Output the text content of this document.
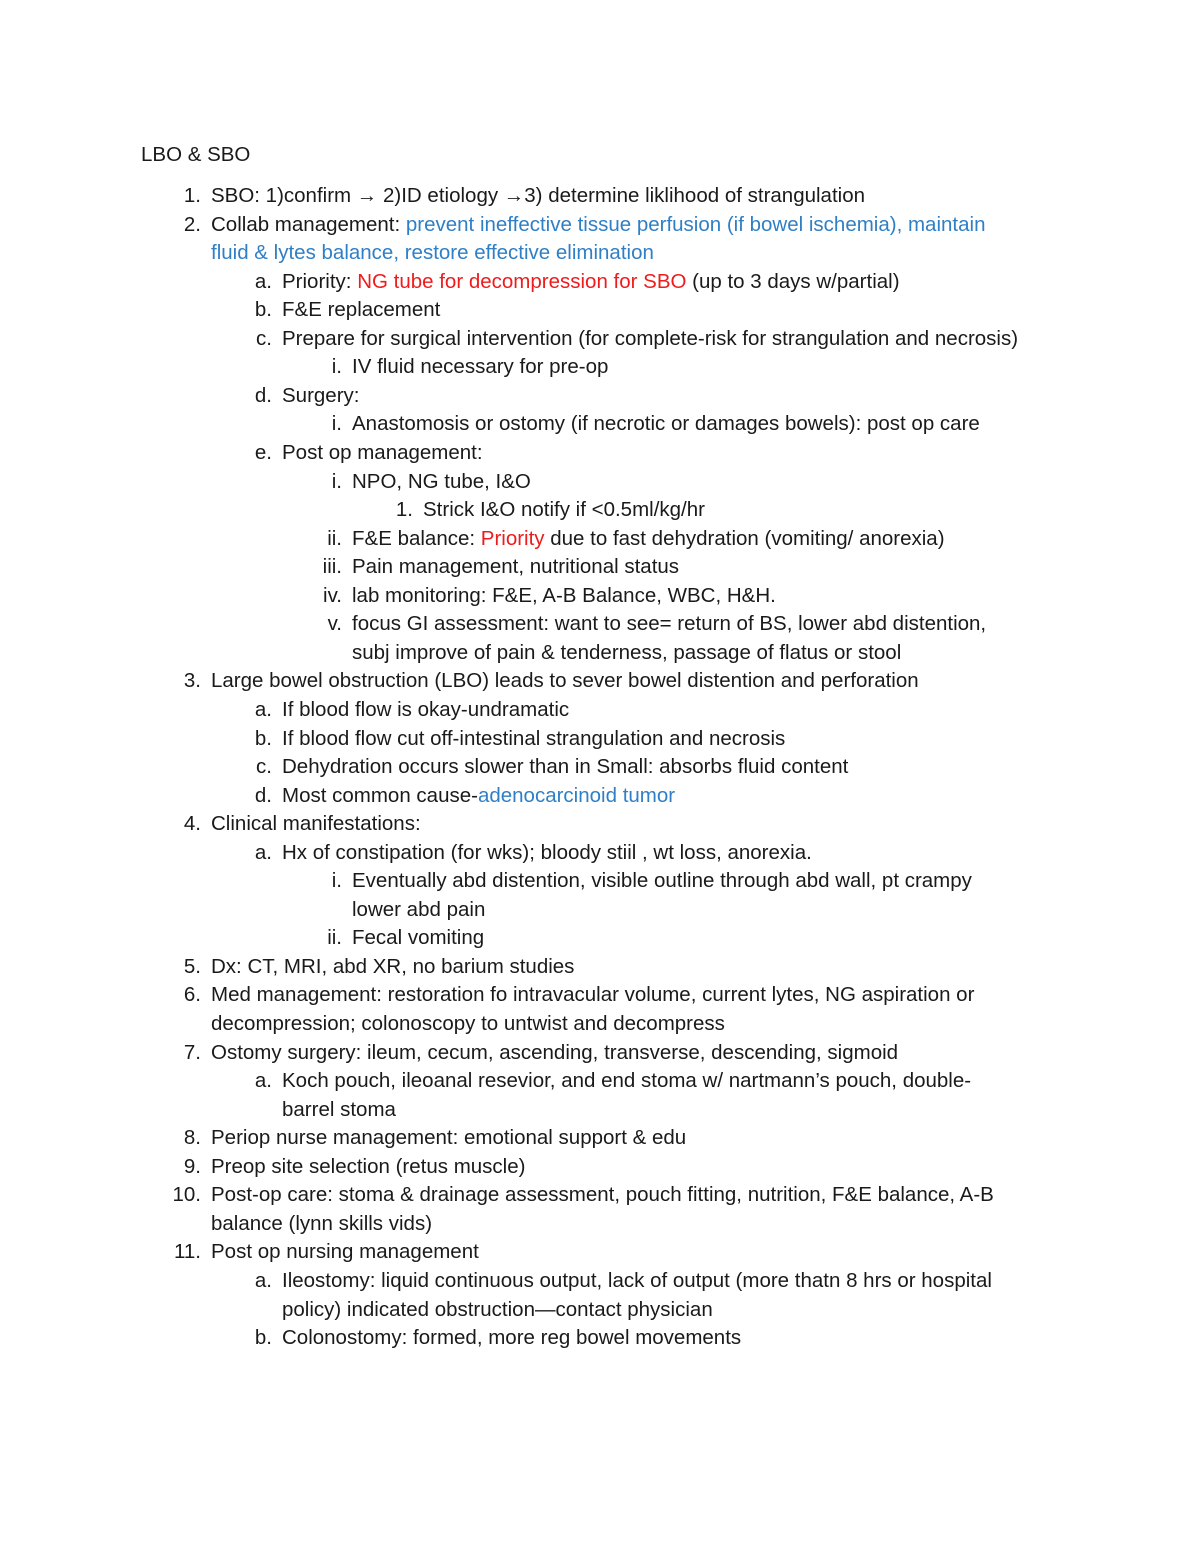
LBO & SBO
1. SBO: 1)confirm → 2)ID etiology →3) determine liklihood of strangulation
2. Collab management: prevent ineffective tissue perfusion (if bowel ischemia), maintain
fluid & lytes balance, restore effective elimination
a. Priority: NG tube for decompression for SBO (up to 3 days w/partial)
b. F&E replacement
c. Prepare for surgical intervention (for complete-risk for strangulation and necrosis)
i. IV fluid necessary for pre-op
d. Surgery:
i. Anastomosis or ostomy (if necrotic or damages bowels): post op care
e. Post op management:
i. NPO, NG tube, I&O
1. Strick I&O notify if <0.5ml/kg/hr
ii. F&E balance: Priority due to fast dehydration (vomiting/ anorexia)
iii. Pain management, nutritional status
iv. lab monitoring: F&E, A-B Balance, WBC, H&H.
v. focus GI assessment: want to see= return of BS, lower abd distention,
subj improve of pain & tenderness, passage of flatus or stool
3. Large bowel obstruction (LBO) leads to sever bowel distention and perforation
a. If blood flow is okay-undramatic
b. If blood flow cut off-intestinal strangulation and necrosis
c. Dehydration occurs slower than in Small: absorbs fluid content
d. Most common cause-adenocarcinoid tumor
4. Clinical manifestations:
a. Hx of constipation (for wks); bloody stiil , wt loss, anorexia.
i. Eventually abd distention, visible outline through abd wall, pt crampy
lower abd pain
ii. Fecal vomiting
5. Dx: CT, MRI, abd XR, no barium studies
6. Med management: restoration fo intravacular volume, current lytes, NG aspiration or
decompression; colonoscopy to untwist and decompress
7. Ostomy surgery: ileum, cecum, ascending, transverse, descending, sigmoid
a. Koch pouch, ileoanal resevior, and end stoma w/ nartmann’s pouch, double-
barrel stoma
8. Periop nurse management: emotional support & edu
9. Preop site selection (retus muscle)
10. Post-op care: stoma & drainage assessment, pouch fitting, nutrition, F&E balance, A-B
balance (lynn skills vids)
11. Post op nursing management
a. Ileostomy: liquid continuous output, lack of output (more thatn 8 hrs or hospital
policy) indicated obstruction—contact physician
b. Colonostomy: formed, more reg bowel movements
